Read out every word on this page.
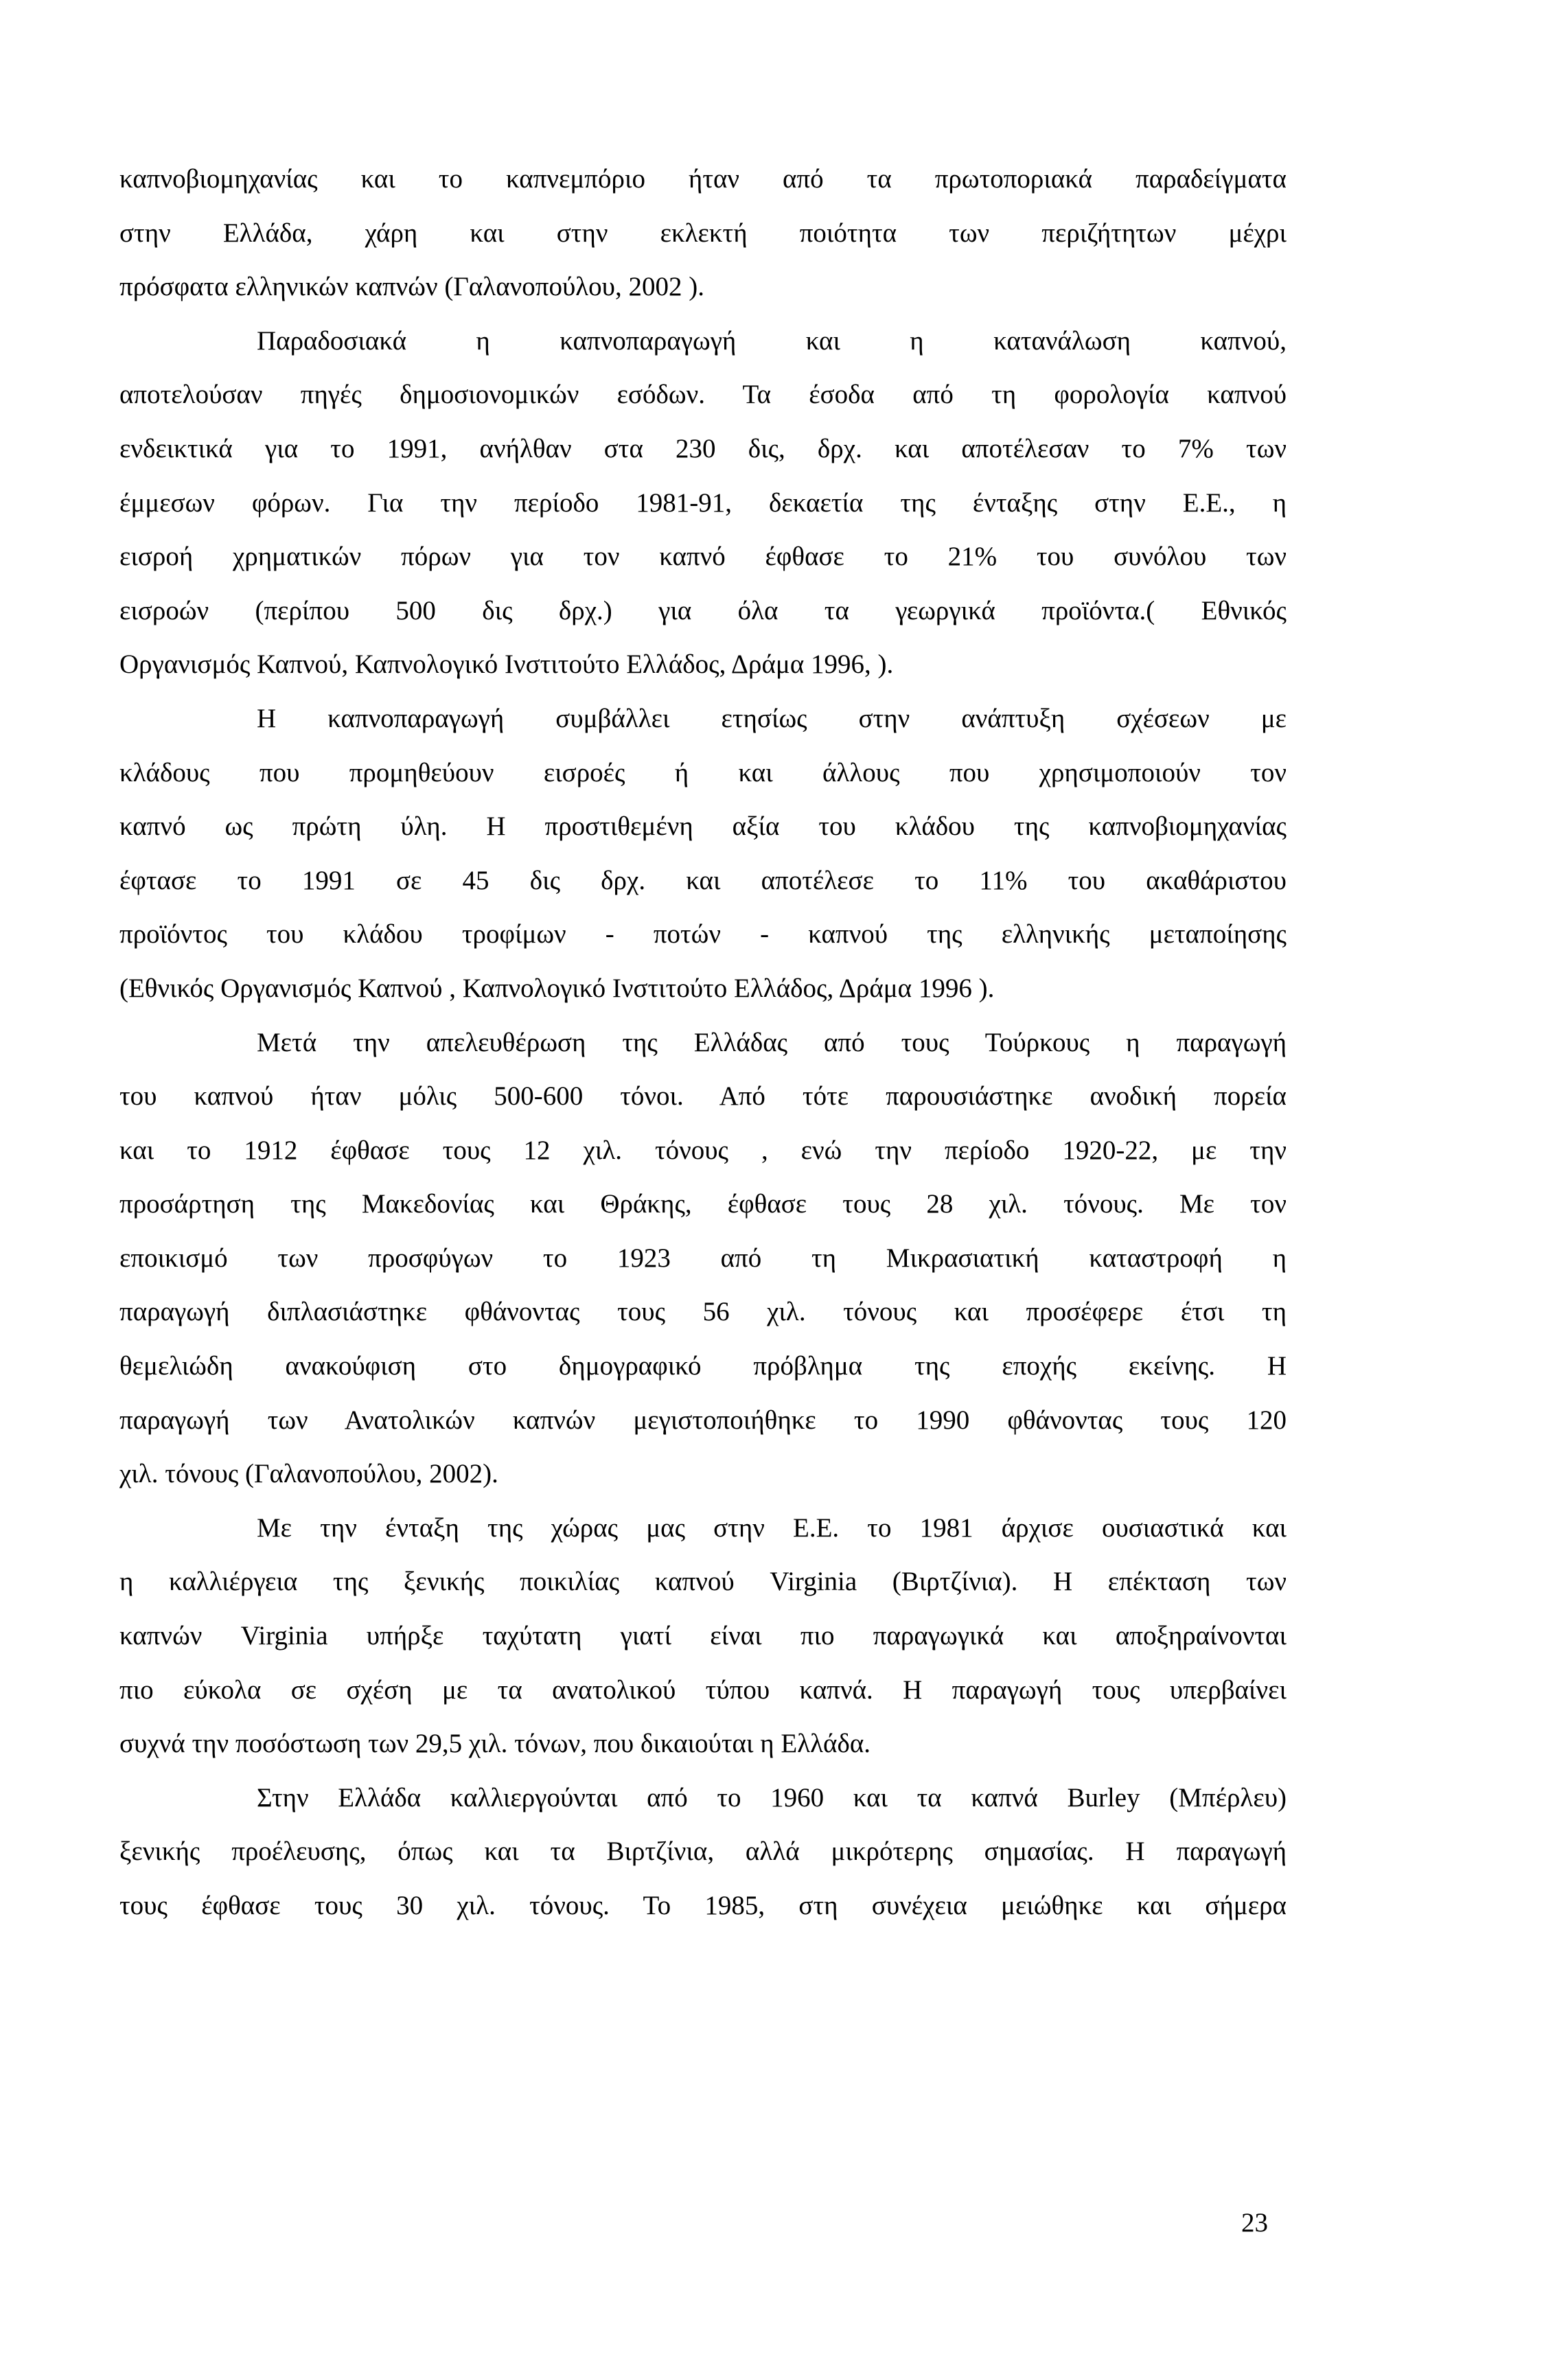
καπνοβιομηχανίας και το καπνεμπόριο ήταν από τα πρωτοποριακά παραδείγματα
στην Ελλάδα, χάρη και στην εκλεκτή ποιότητα των περιζήτητων μέχρι
πρόσφατα ελληνικών καπνών (Γαλανοπούλου, 2002 ).

Παραδοσιακά η καπνοπαραγωγή και η κατανάλωση καπνού,
αποτελούσαν πηγές δημοσιονομικών εσόδων. Τα έσοδα από τη φορολογία καπνού
ενδεικτικά για το 1991, ανήλθαν στα 230 δις, δρχ. και αποτέλεσαν το 7% των
έμμεσων φόρων. Για την περίοδο 1981-91, δεκαετία της ένταξης στην Ε.Ε., η
εισροή χρηματικών πόρων για τον καπνό έφθασε το 21% του συνόλου των
εισροών (περίπου 500 δις δρχ.) για όλα τα γεωργικά προϊόντα.( Εθνικός
Οργανισμός Καπνού, Καπνολογικό Ινστιτούτο Ελλάδος, Δράμα 1996, ).

Η καπνοπαραγωγή συμβάλλει ετησίως στην ανάπτυξη σχέσεων με
κλάδους που προμηθεύουν εισροές ή και άλλους που χρησιμοποιούν τον
καπνό ως πρώτη ύλη. Η προστιθεμένη αξία του κλάδου της καπνοβιομηχανίας
έφτασε το 1991 σε 45 δις δρχ. και αποτέλεσε το 11% του ακαθάριστου
προϊόντος του κλάδου τροφίμων - ποτών - καπνού της ελληνικής μεταποίησης
(Εθνικός Οργανισμός Καπνού , Καπνολογικό Ινστιτούτο Ελλάδος, Δράμα 1996 ).

Μετά την απελευθέρωση της Ελλάδας από τους Τούρκους η παραγωγή
του καπνού ήταν μόλις 500-600 τόνοι. Από τότε παρουσιάστηκε ανοδική πορεία
και το 1912 έφθασε τους 12 χιλ. τόνους , ενώ την περίοδο 1920-22, με την
προσάρτηση της Μακεδονίας και Θράκης, έφθασε τους 28 χιλ. τόνους. Με τον
εποικισμό των προσφύγων το 1923 από τη Μικρασιατική καταστροφή η
παραγωγή διπλασιάστηκε φθάνοντας τους 56 χιλ. τόνους και προσέφερε έτσι τη
θεμελιώδη ανακούφιση στο δημογραφικό πρόβλημα της εποχής εκείνης. Η
παραγωγή των Ανατολικών καπνών μεγιστοποιήθηκε το 1990 φθάνοντας τους 120
χιλ. τόνους (Γαλανοπούλου, 2002).

Με την ένταξη της χώρας μας στην Ε.Ε. το 1981 άρχισε ουσιαστικά και
η καλλιέργεια της ξενικής ποικιλίας καπνού Virginia (Βιρτζίνια). Η επέκταση των
καπνών Virginia υπήρξε ταχύτατη γιατί είναι πιο παραγωγικά και αποξηραίνονται
πιο εύκολα σε σχέση με τα ανατολικού τύπου καπνά. Η παραγωγή τους υπερβαίνει
συχνά την ποσόστωση των 29,5 χιλ. τόνων, που δικαιούται η Ελλάδα.

Στην Ελλάδα καλλιεργούνται από το 1960 και τα καπνά Burley (Μπέρλευ)
ξενικής προέλευσης, όπως και τα Βιρτζίνια, αλλά μικρότερης σημασίας. Η παραγωγή
τους έφθασε τους 30 χιλ. τόνους. Το 1985, στη συνέχεια μειώθηκε και σήμερα

23
